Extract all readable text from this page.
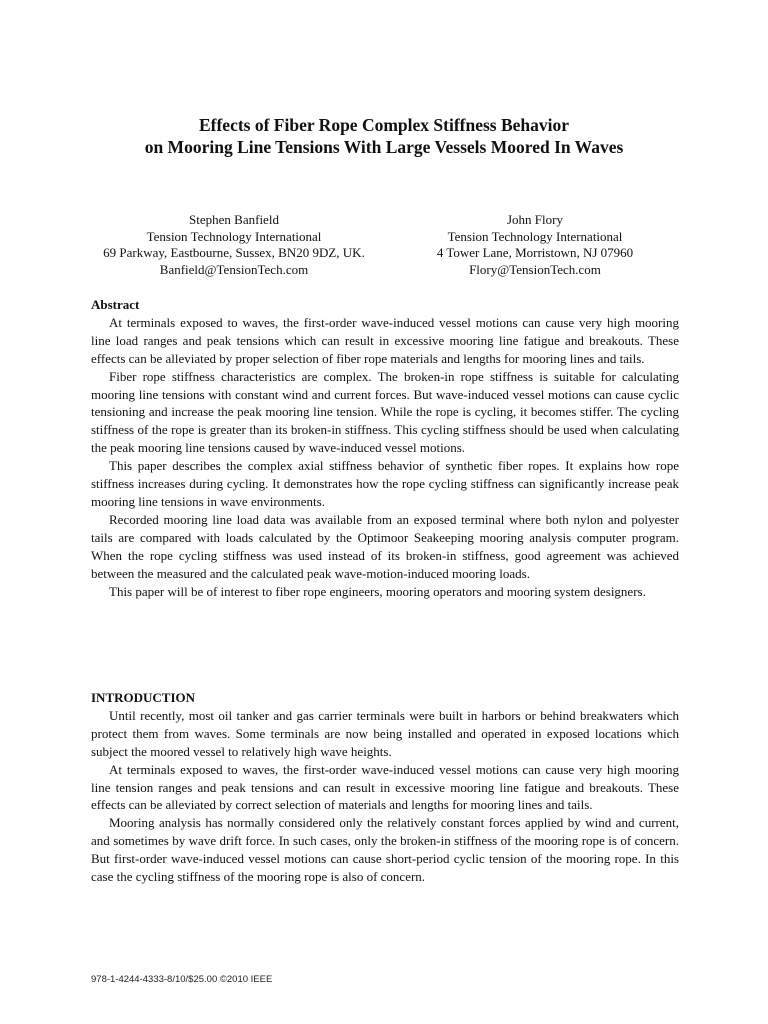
Effects of Fiber Rope Complex Stiffness Behavior
on Mooring Line Tensions With Large Vessels Moored In Waves
Stephen Banfield
Tension Technology International
69 Parkway, Eastbourne, Sussex, BN20 9DZ, UK.
Banfield@TensionTech.com
John Flory
Tension Technology International
4 Tower Lane, Morristown, NJ 07960
Flory@TensionTech.com
Abstract

At terminals exposed to waves, the first-order wave-induced vessel motions can cause very high mooring line load ranges and peak tensions which can result in excessive mooring line fatigue and breakouts. These effects can be alleviated by proper selection of fiber rope materials and lengths for mooring lines and tails.

Fiber rope stiffness characteristics are complex. The broken-in rope stiffness is suitable for calculating mooring line tensions with constant wind and current forces. But wave-induced vessel motions can cause cyclic tensioning and increase the peak mooring line tension. While the rope is cycling, it becomes stiffer. The cycling stiffness of the rope is greater than its broken-in stiffness. This cycling stiffness should be used when calculating the peak mooring line tensions caused by wave-induced vessel motions.

This paper describes the complex axial stiffness behavior of synthetic fiber ropes. It explains how rope stiffness increases during cycling. It demonstrates how the rope cycling stiffness can significantly increase peak mooring line tensions in wave environments.

Recorded mooring line load data was available from an exposed terminal where both nylon and polyester tails are compared with loads calculated by the Optimoor Seakeeping mooring analysis computer program. When the rope cycling stiffness was used instead of its broken-in stiffness, good agreement was achieved between the measured and the calculated peak wave-motion-induced mooring loads.

This paper will be of interest to fiber rope engineers, mooring operators and mooring system designers.

INTRODUCTION

Until recently, most oil tanker and gas carrier terminals were built in harbors or behind breakwaters which protect them from waves. Some terminals are now being installed and operated in exposed locations which subject the moored vessel to relatively high wave heights.

At terminals exposed to waves, the first-order wave-induced vessel motions can cause very high mooring line tension ranges and peak tensions and can result in excessive mooring line fatigue and breakouts. These effects can be alleviated by correct selection of materials and lengths for mooring lines and tails.

Mooring analysis has normally considered only the relatively constant forces applied by wind and current, and sometimes by wave drift force. In such cases, only the broken-in stiffness of the mooring rope is of concern. But first-order wave-induced vessel motions can cause short-period cyclic tension of the mooring rope. In this case the cycling stiffness of the mooring rope is also of concern.

978-1-4244-4333-8/10/$25.00 ©2010 IEEE
